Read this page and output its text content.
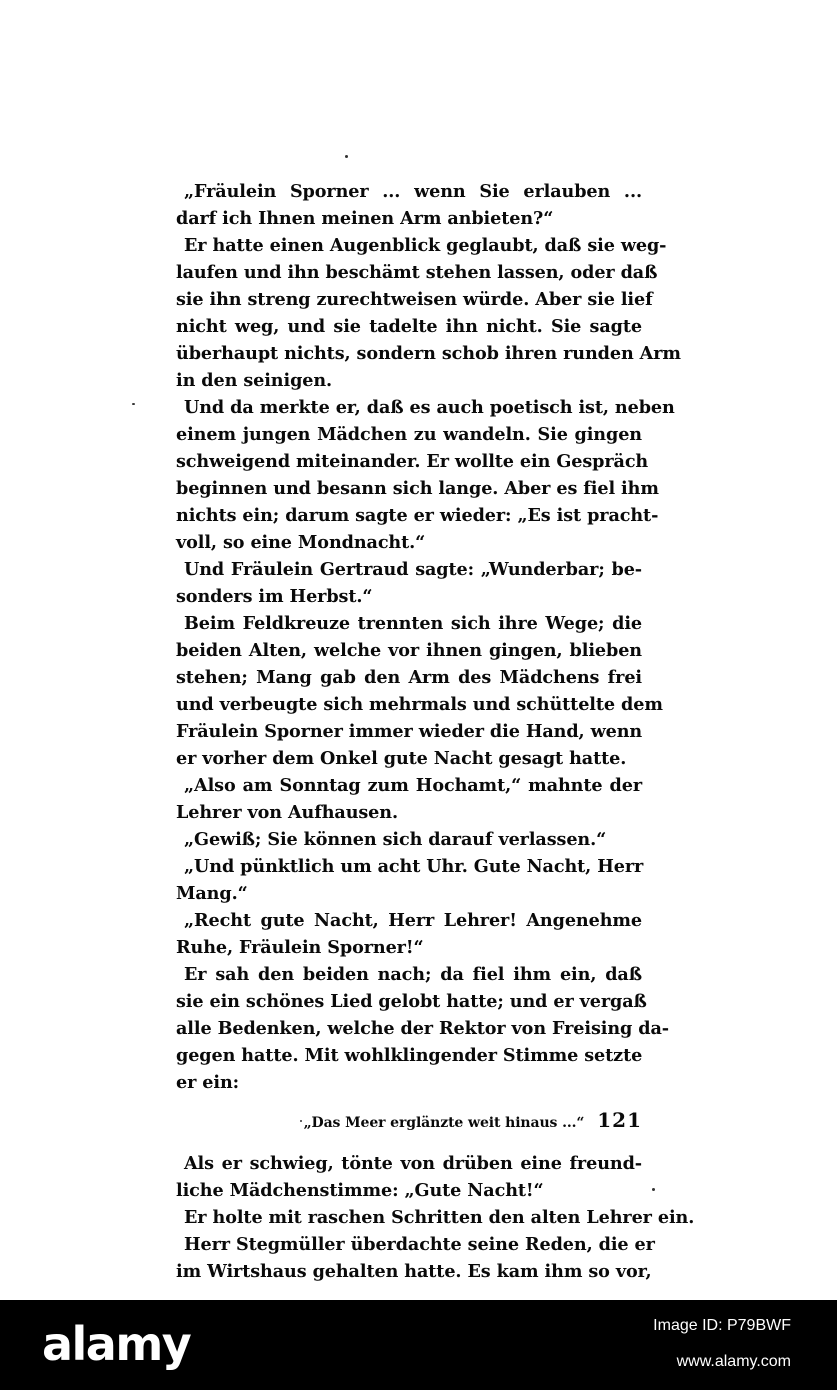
„Fräulein Sporner ... wenn Sie erlauben ...
darf ich Ihnen meinen Arm anbieten?“
Er hatte einen Augenblick geglaubt, daß sie weg-
laufen und ihn beschämt stehen lassen, oder daß
sie ihn streng zurechtweisen würde. Aber sie lief
nicht weg, und sie tadelte ihn nicht. Sie sagte
überhaupt nichts, sondern schob ihren runden Arm
in den seinigen.
Und da merkte er, daß es auch poetisch ist, neben
einem jungen Mädchen zu wandeln. Sie gingen
schweigend miteinander. Er wollte ein Gespräch
beginnen und besann sich lange. Aber es fiel ihm
nichts ein; darum sagte er wieder: „Es ist pracht-
voll, so eine Mondnacht.“
Und Fräulein Gertraud sagte: „Wunderbar; be-
sonders im Herbst.“
Beim Feldkreuze trennten sich ihre Wege; die
beiden Alten, welche vor ihnen gingen, blieben
stehen; Mang gab den Arm des Mädchens frei
und verbeugte sich mehrmals und schüttelte dem
Fräulein Sporner immer wieder die Hand, wenn
er vorher dem Onkel gute Nacht gesagt hatte.
„Also am Sonntag zum Hochamt,“ mahnte der
Lehrer von Aufhausen.
„Gewiß; Sie können sich darauf verlassen.“
„Und pünktlich um acht Uhr. Gute Nacht, Herr
Mang.“
„Recht gute Nacht, Herr Lehrer! Angenehme
Ruhe, Fräulein Sporner!“
Er sah den beiden nach; da fiel ihm ein, daß
sie ein schönes Lied gelobt hatte; und er vergaß
alle Bedenken, welche der Rektor von Freising da-
gegen hatte. Mit wohlklingender Stimme setzte
er ein:
„Das Meer erglänzte weit hinaus ...“
Als er schwieg, tönte von drüben eine freund-
liche Mädchenstimme: „Gute Nacht!“
Er holte mit raschen Schritten den alten Lehrer ein.
Herr Stegmüller überdachte seine Reden, die er
im Wirtshaus gehalten hatte. Es kam ihm so vor,
121
alamy	Image ID: P79BWF
www.alamy.com
